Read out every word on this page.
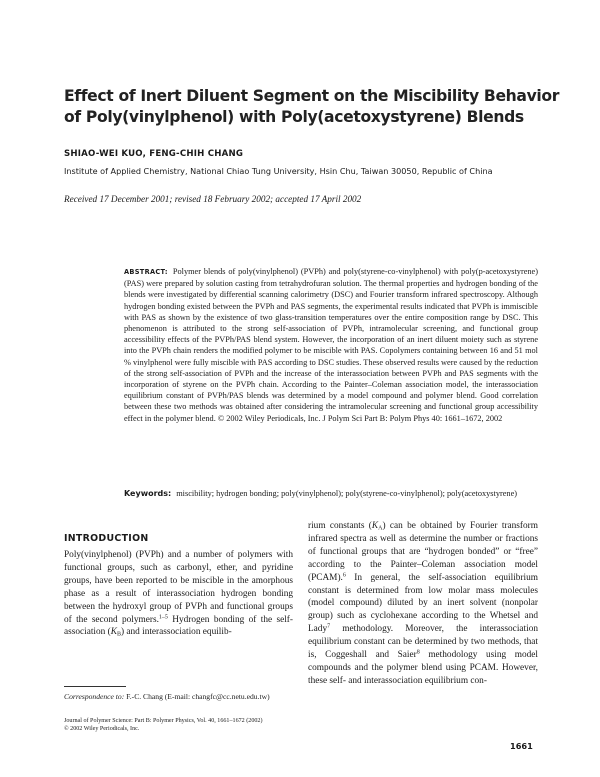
Effect of Inert Diluent Segment on the Miscibility Behavior
of Poly(vinylphenol) with Poly(acetoxystyrene) Blends
SHIAO-WEI KUO, FENG-CHIH CHANG
Institute of Applied Chemistry, National Chiao Tung University, Hsin Chu, Taiwan 30050, Republic of China
Received 17 December 2001; revised 18 February 2002; accepted 17 April 2002
ABSTRACT: Polymer blends of poly(vinylphenol) (PVPh) and poly(styrene-co-vinylphenol) with poly(p-acetoxystyrene) (PAS) were prepared by solution casting from tetrahydrofuran solution. The thermal properties and hydrogen bonding of the blends were investigated by differential scanning calorimetry (DSC) and Fourier transform infrared spectroscopy. Although hydrogen bonding existed between the PVPh and PAS segments, the experimental results indicated that PVPh is immiscible with PAS as shown by the existence of two glass-transition temperatures over the entire composition range by DSC. This phenomenon is attributed to the strong self-association of PVPh, intramolecular screening, and functional group accessibility effects of the PVPh/PAS blend system. However, the incorporation of an inert diluent moiety such as styrene into the PVPh chain renders the modified polymer to be miscible with PAS. Copolymers containing between 16 and 51 mol % vinylphenol were fully miscible with PAS according to DSC studies. These observed results were caused by the reduction of the strong self-association of PVPh and the increase of the interassociation between PVPh and PAS segments with the incorporation of styrene on the PVPh chain. According to the Painter–Coleman association model, the interassociation equilibrium constant of PVPh/PAS blends was determined by a model compound and polymer blend. Good correlation between these two methods was obtained after considering the intramolecular screening and functional group accessibility effect in the polymer blend. © 2002 Wiley Periodicals, Inc. J Polym Sci Part B: Polym Phys 40: 1661–1672, 2002
Keywords: miscibility; hydrogen bonding; poly(vinylphenol); poly(styrene-co-vinylphenol); poly(acetoxystyrene)
INTRODUCTION

Poly(vinylphenol) (PVPh) and a number of polymers with functional groups, such as carbonyl, ether, and pyridine groups, have been reported to be miscible in the amorphous phase as a result of interassociation hydrogen bonding between the hydroxyl group of PVPh and functional groups of the second polymers.$^{1-5}$ Hydrogen bonding of the self-association $(K_B)$ and interassociation equilib-

rium constants $(K_A)$ can be obtained by Fourier transform infrared spectra as well as determine the number or fractions of functional groups that are “hydrogen bonded” or “free” according to the Painter–Coleman association model (PCAM).$^6$ In general, the self-association equilibrium constant is determined from low molar mass molecules (model compound) diluted by an inert solvent (nonpolar group) such as cyclohexane according to the Whetsel and Lady$^7$ methodology. Moreover, the interassociation equilibrium constant can be determined by two methods, that is, Coggeshall and Saier$^8$ methodology using model compounds and the polymer blend using PCAM. However, these self- and interassociation equilibrium con-

Correspondence to: F.-C. Chang (E-mail: changfc@cc.netu.edu.tw)
Journal of Polymer Science: Part B: Polymer Physics, Vol. 40, 1661–1672 (2002)
© 2002 Wiley Periodicals, Inc.
1661
